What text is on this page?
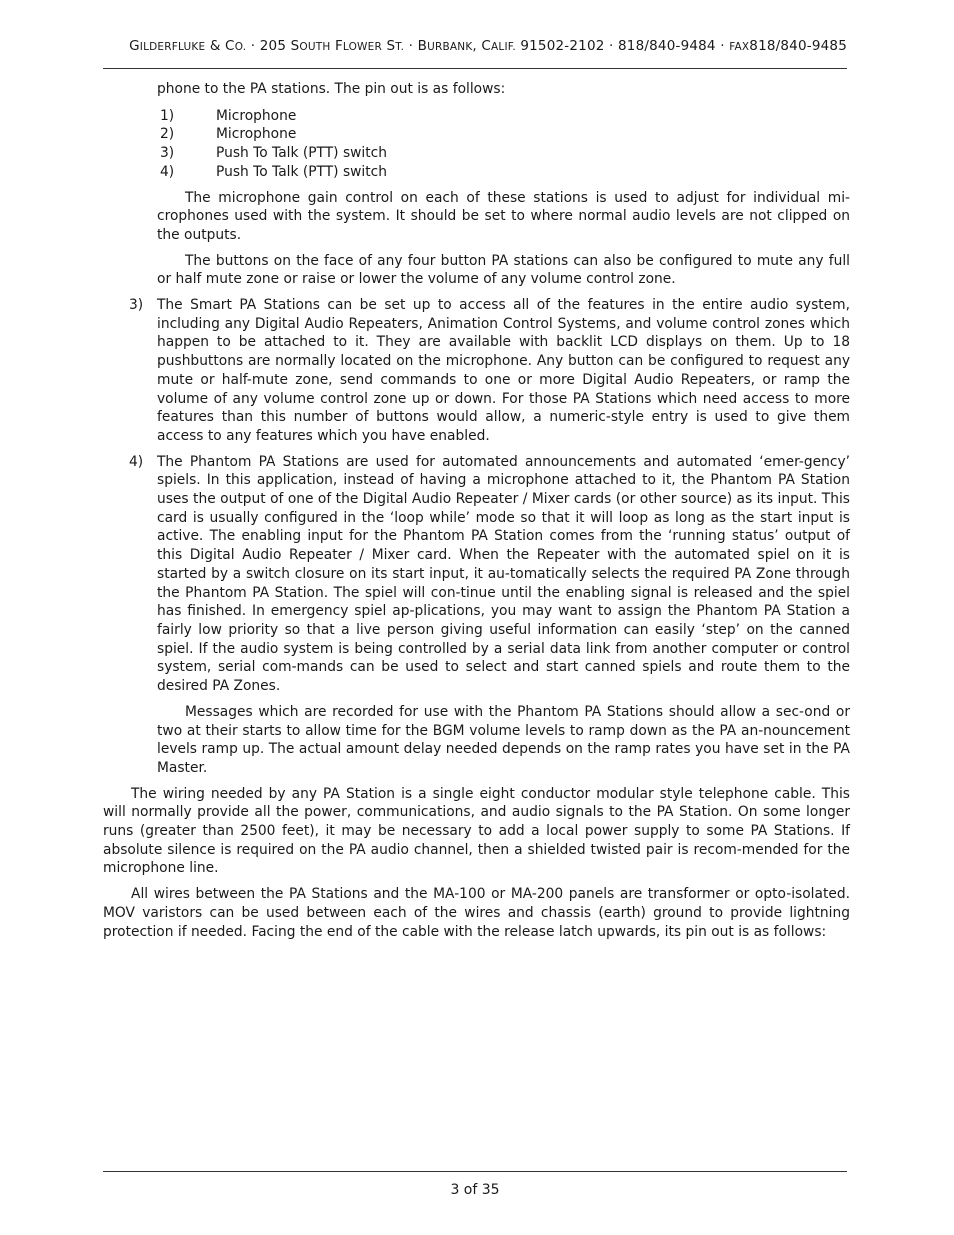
GILDERFLUKE & CO. · 205 SOUTH FLOWER ST. · BURBANK, CALIF. 91502-2102 · 818/840-9484 · FAX818/840-9485

phone to the PA stations. The pin out is as follows:

1)	Microphone
2)	Microphone
3)	Push To Talk (PTT) switch
4)	Push To Talk (PTT) switch

The microphone gain control on each of these stations is used to adjust for individual mi-crophones used with the system. It should be set to where normal audio levels are not clipped on the outputs.

The buttons on the face of any four button PA stations can also be configured to mute any full or half mute zone or raise or lower the volume of any volume control zone.

3)	The Smart PA Stations can be set up to access all of the features in the entire audio system, including any Digital Audio Repeaters, Animation Control Systems, and volume control zones which happen to be attached to it. They are available with backlit LCD displays on them. Up to 18 pushbuttons are normally located on the microphone. Any button can be configured to request any mute or half-mute zone, send commands to one or more Digital Audio Repeaters, or ramp the volume of any volume control zone up or down. For those PA Stations which need access to more features than this number of buttons would allow, a numeric-style entry is used to give them access to any features which you have enabled.

4)	The Phantom PA Stations are used for automated announcements and automated ‘emer-gency’ spiels. In this application, instead of having a microphone attached to it, the Phantom PA Station uses the output of one of the Digital Audio Repeater / Mixer cards (or other source) as its input. This card is usually configured in the ‘loop while’ mode so that it will loop as long as the start input is active. The enabling input for the Phantom PA Station comes from the ‘running status’ output of this Digital Audio Repeater / Mixer card. When the Repeater with the automated spiel on it is started by a switch closure on its start input, it au-tomatically selects the required PA Zone through the Phantom PA Station. The spiel will con-tinue until the enabling signal is released and the spiel has finished. In emergency spiel ap-plications, you may want to assign the Phantom PA Station a fairly low priority so that a live person giving useful information can easily ‘step’ on the canned spiel. If the audio system is being controlled by a serial data link from another computer or control system, serial com-mands can be used to select and start canned spiels and route them to the desired PA Zones.

Messages which are recorded for use with the Phantom PA Stations should allow a sec-ond or two at their starts to allow time for the BGM volume levels to ramp down as the PA an-nouncement levels ramp up. The actual amount delay needed depends on the ramp rates you have set in the PA Master.

The wiring needed by any PA Station is a single eight conductor modular style telephone cable. This will normally provide all the power, communications, and audio signals to the PA Station. On some longer runs (greater than 2500 feet), it may be necessary to add a local power supply to some PA Stations. If absolute silence is required on the PA audio channel, then a shielded twisted pair is recom-mended for the microphone line.

All wires between the PA Stations and the MA-100 or MA-200 panels are transformer or opto-isolated. MOV varistors can be used between each of the wires and chassis (earth) ground to provide lightning protection if needed. Facing the end of the cable with the release latch upwards, its pin out is as follows:

3 of 35
